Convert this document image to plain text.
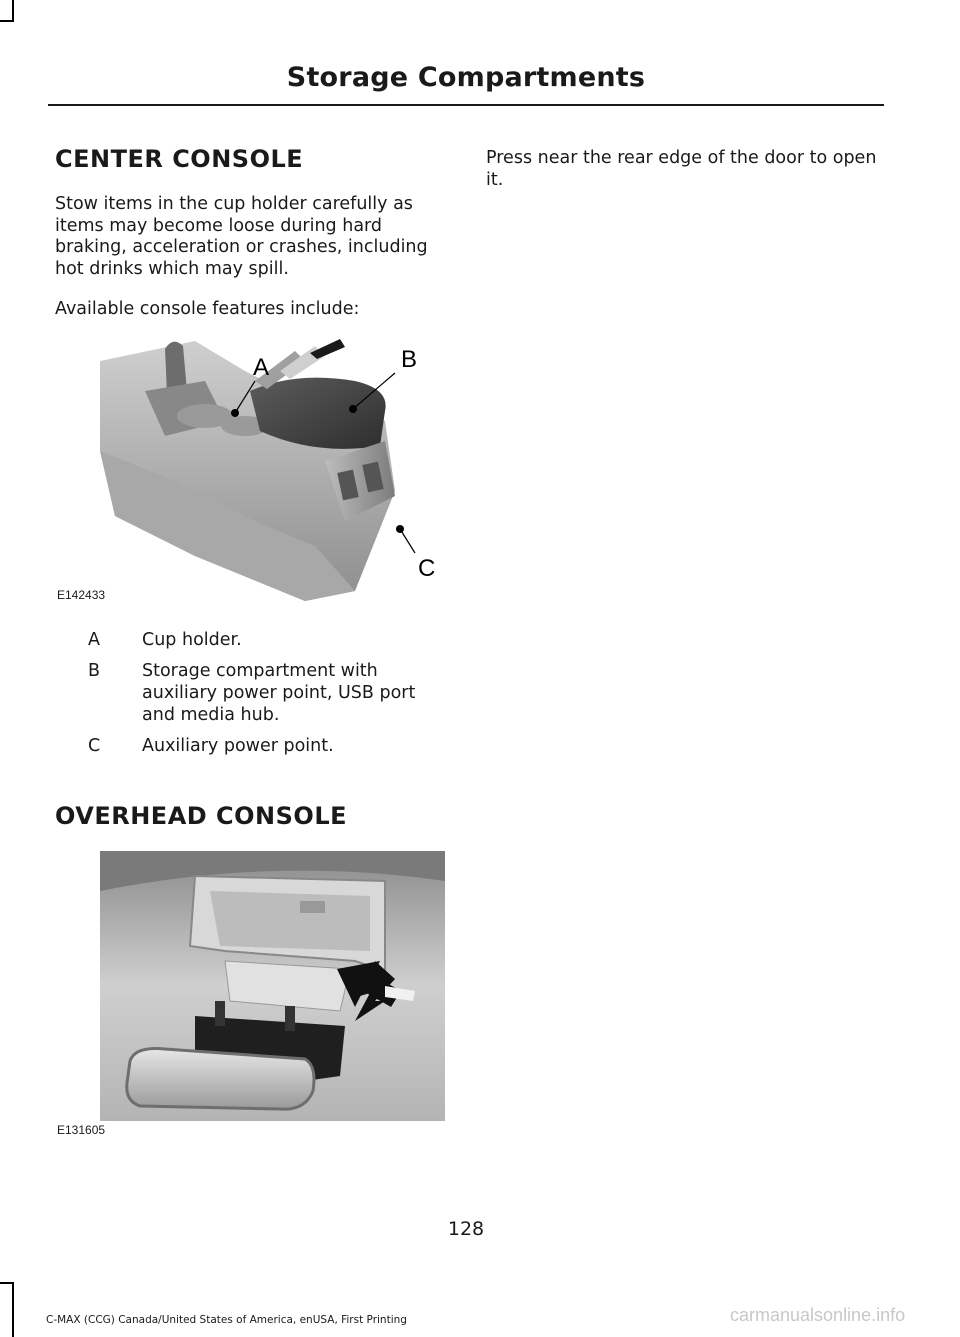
Storage Compartments
CENTER CONSOLE

Stow items in the cup holder carefully as items may become loose during hard braking, acceleration or crashes, including hot drinks which may spill.

Available console features include:

A	B
C
E142433
A	Cup holder.
B	Storage compartment with auxiliary power point, USB port and media hub.
C	Auxiliary power point.
OVERHEAD CONSOLE
E131605

Press near the rear edge of the door to open it.

128
C-MAX (CCG) Canada/United States of America, enUSA, First Printing	carmanualsonline.info
